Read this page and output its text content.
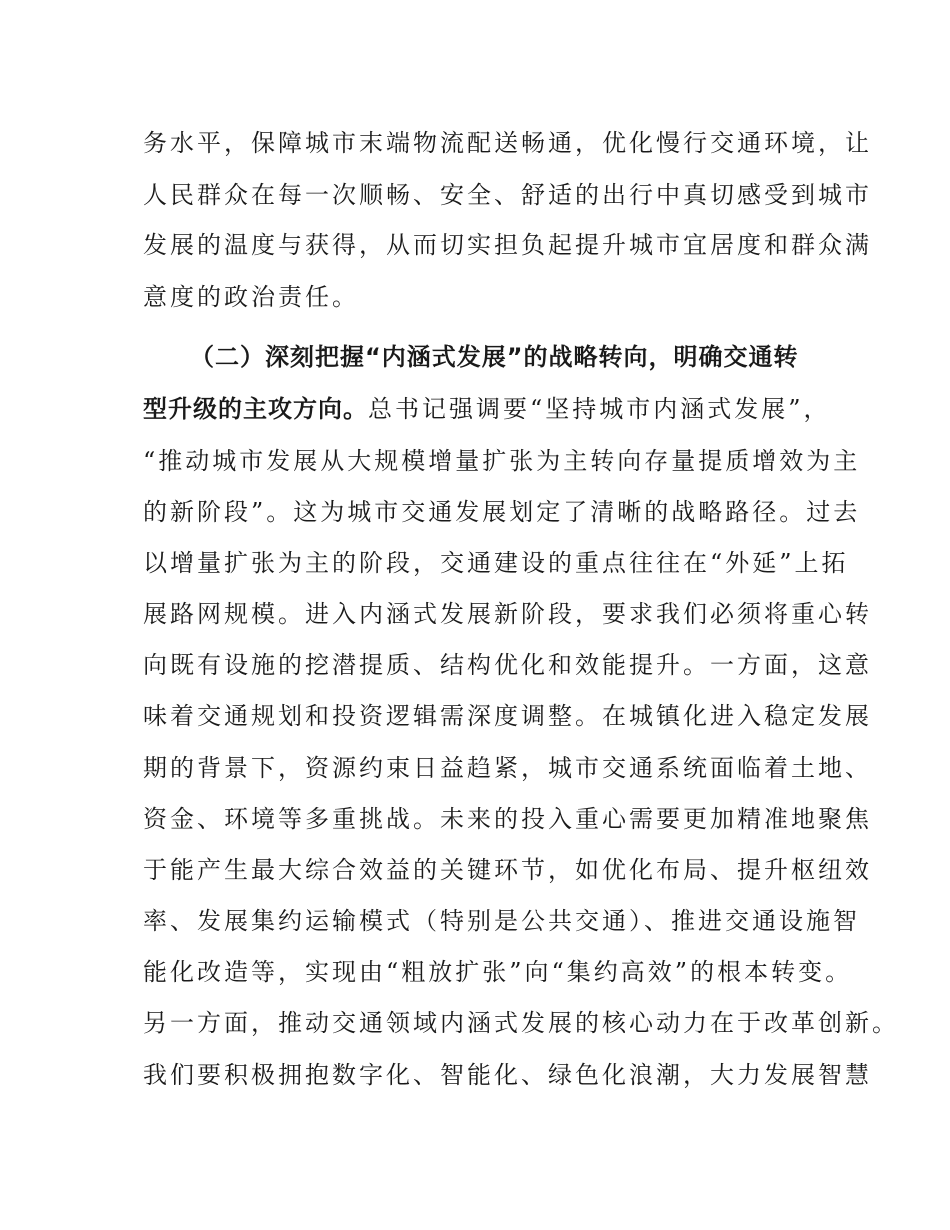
务水平，保障城市末端物流配送畅通，优化慢行交通环境，让
人民群众在每一次顺畅、安全、舒适的出行中真切感受到城市
发展的温度与获得，从而切实担负起提升城市宜居度和群众满
意度的政治责任。
（二）深刻把握“内涵式发展”的战略转向，明确交通转
型升级的主攻方向。总书记强调要“坚持城市内涵式发展”，
“推动城市发展从大规模增量扩张为主转向存量提质增效为主
的新阶段”。这为城市交通发展划定了清晰的战略路径。过去
以增量扩张为主的阶段，交通建设的重点往往在“外延”上拓
展路网规模。进入内涵式发展新阶段，要求我们必须将重心转
向既有设施的挖潜提质、结构优化和效能提升。一方面，这意
味着交通规划和投资逻辑需深度调整。在城镇化进入稳定发展
期的背景下，资源约束日益趋紧，城市交通系统面临着土地、
资金、环境等多重挑战。未来的投入重心需要更加精准地聚焦
于能产生最大综合效益的关键环节，如优化布局、提升枢纽效
率、发展集约运输模式（特别是公共交通）、推进交通设施智
能化改造等，实现由“粗放扩张”向“集约高效”的根本转变。
另一方面，推动交通领域内涵式发展的核心动力在于改革创新。
我们要积极拥抱数字化、智能化、绿色化浪潮，大力发展智慧
